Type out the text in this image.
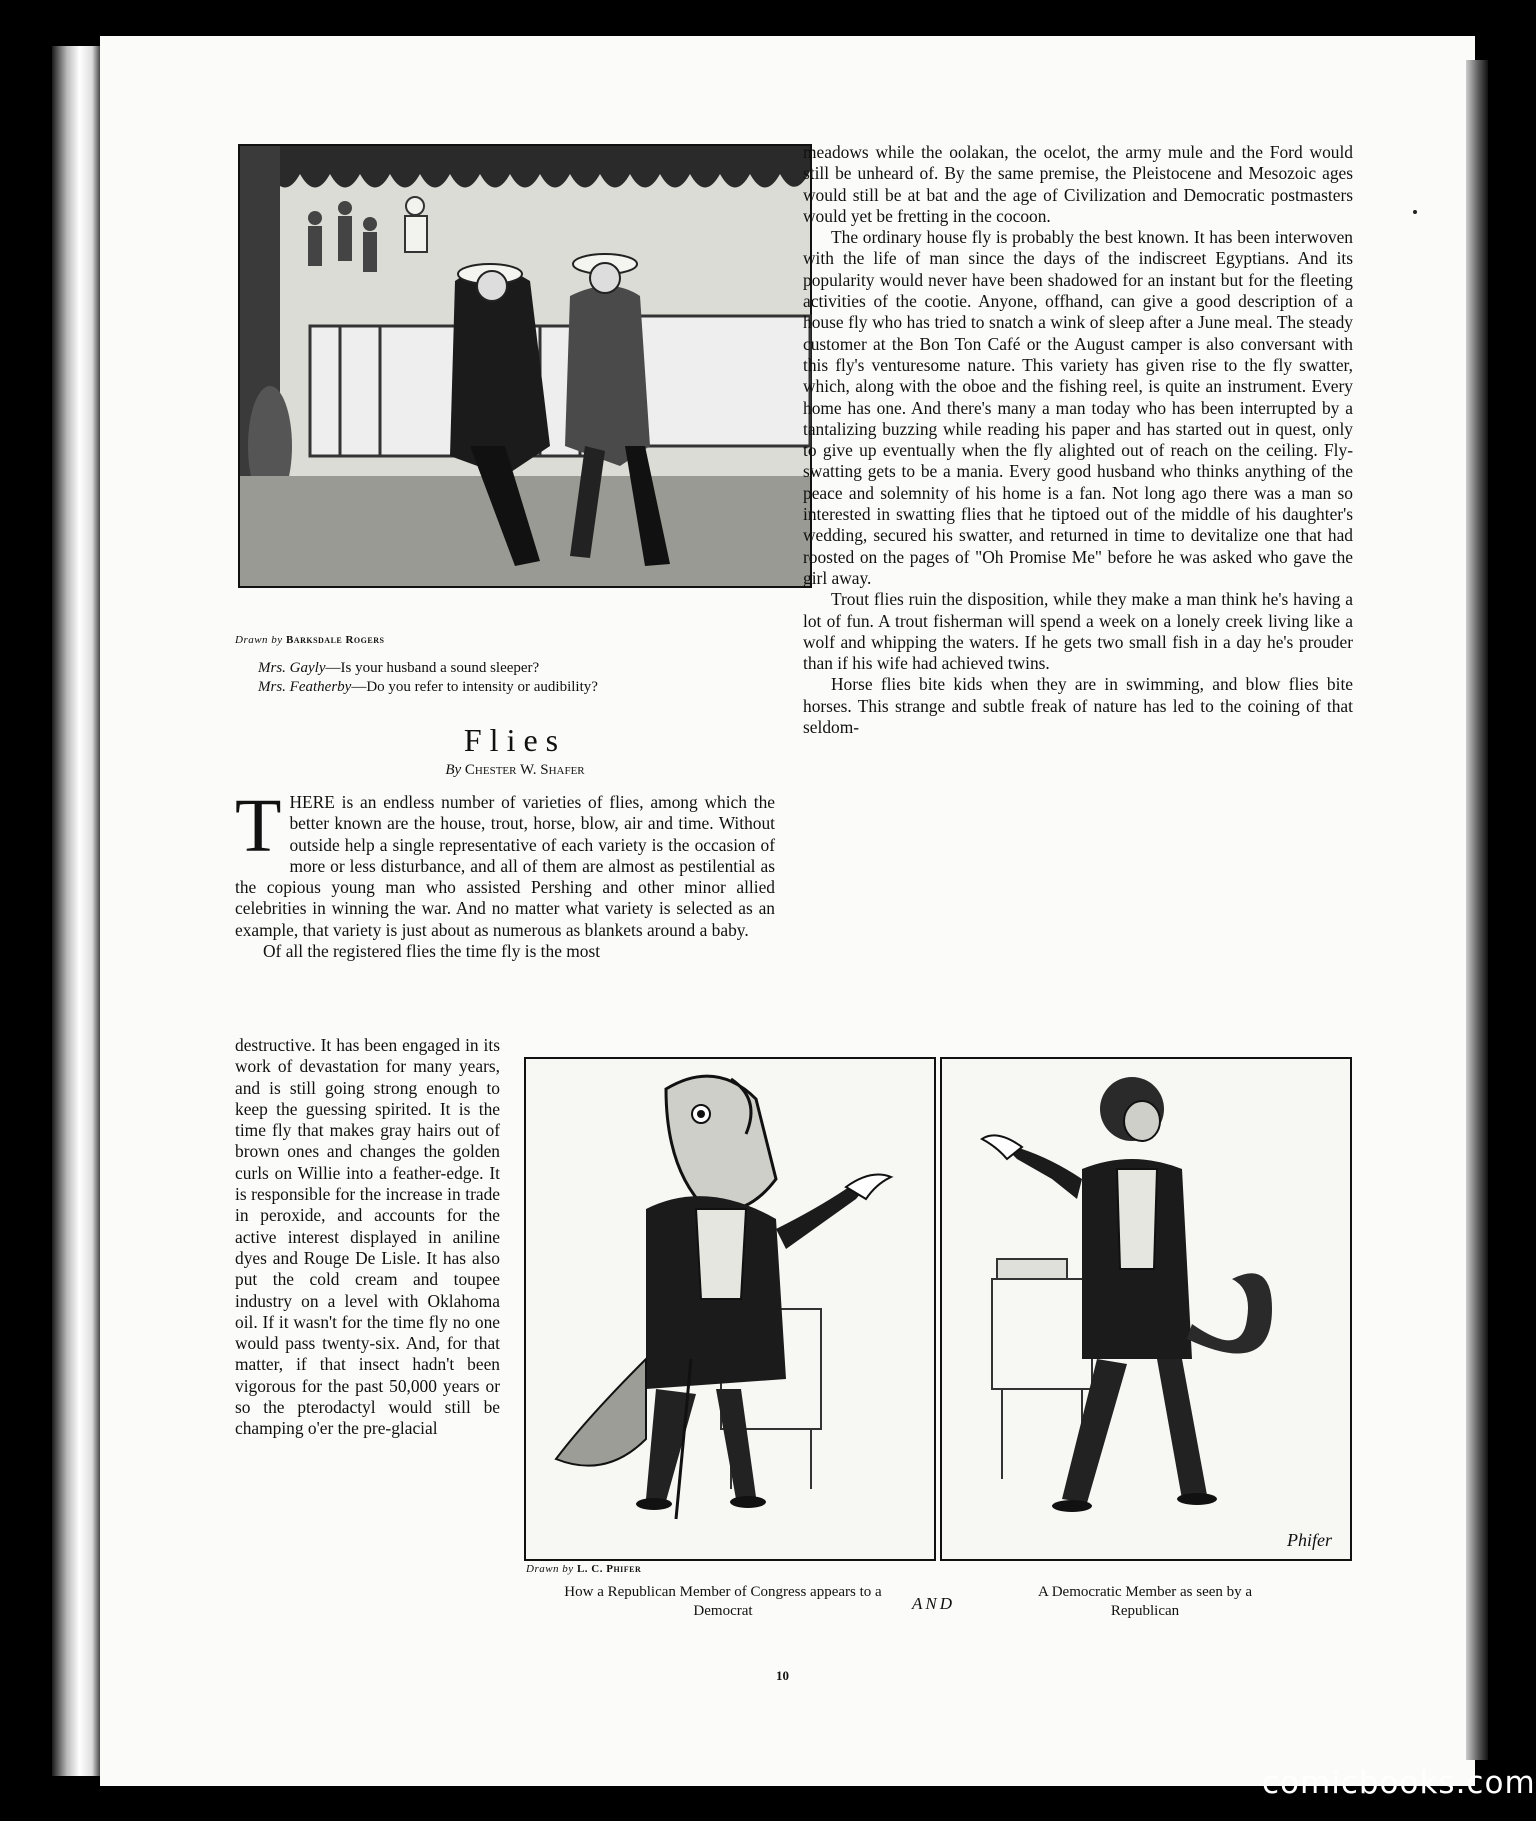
Drawn by Barksdale Rogers
Mrs. Gayly—Is your husband a sound sleeper?
Mrs. Featherby—Do you refer to intensity or audibility?
Flies
By Chester W. Shafer

THERE is an endless number of varieties of flies, among which the better known are the house, trout, horse, blow, air and time. Without outside help a single representative of each variety is the occasion of more or less disturbance, and all of them are almost as pestilential as the copious young man who assisted Pershing and other minor allied celebrities in winning the war. And no matter what variety is selected as an example, that variety is just about as numerous as blankets around a baby.

Of all the registered flies the time fly is the most

destructive. It has been engaged in its work of devastation for many years, and is still going strong enough to keep the guessing spirited. It is the time fly that makes gray hairs out of brown ones and changes the golden curls on Willie into a feather-edge. It is responsible for the increase in trade in peroxide, and accounts for the active interest displayed in aniline dyes and Rouge De Lisle. It has also put the cold cream and toupee industry on a level with Oklahoma oil. If it wasn't for the time fly no one would pass twenty-six. And, for that matter, if that insect hadn't been vigorous for the past 50,000 years or so the pterodactyl would still be champing o'er the pre-glacial

meadows while the oolakan, the ocelot, the army mule and the Ford would still be unheard of. By the same premise, the Pleistocene and Mesozoic ages would still be at bat and the age of Civilization and Democratic postmasters would yet be fretting in the cocoon.

The ordinary house fly is probably the best known. It has been interwoven with the life of man since the days of the indiscreet Egyptians. And its popularity would never have been shadowed for an instant but for the fleeting activities of the cootie. Anyone, offhand, can give a good description of a house fly who has tried to snatch a wink of sleep after a June meal. The steady customer at the Bon Ton Café or the August camper is also conversant with this fly's venturesome nature. This variety has given rise to the fly swatter, which, along with the oboe and the fishing reel, is quite an instrument. Every home has one. And there's many a man today who has been interrupted by a tantalizing buzzing while reading his paper and has started out in quest, only to give up eventually when the fly alighted out of reach on the ceiling. Fly-swatting gets to be a mania. Every good husband who thinks anything of the peace and solemnity of his home is a fan. Not long ago there was a man so interested in swatting flies that he tiptoed out of the middle of his daughter's wedding, secured his swatter, and returned in time to devitalize one that had roosted on the pages of "Oh Promise Me" before he was asked who gave the girl away.

Trout flies ruin the disposition, while they make a man think he's having a lot of fun. A trout fisherman will spend a week on a lonely creek living like a wolf and whipping the waters. If he gets two small fish in a day he's prouder than if his wife had achieved twins.

Horse flies bite kids when they are in swimming, and blow flies bite horses. This strange and subtle freak of nature has led to the coining of that seldom-

Phifer
Drawn by L. C. Phifer
How a Republican Member of Congress appears to a Democrat	AND
A Democratic Member as seen by a Republican
10
comicbooks.com
